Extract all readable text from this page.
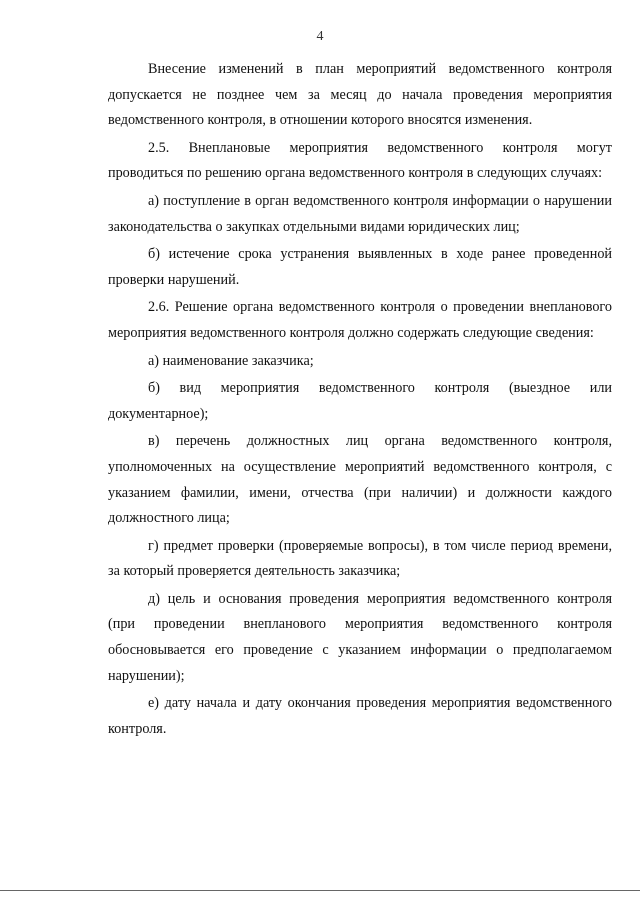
4

Внесение изменений в план мероприятий ведомственного контроля допускается не позднее чем за месяц до начала проведения мероприятия ведомственного контроля, в отношении которого вносятся изменения.

2.5. Внеплановые мероприятия ведомственного контроля могут проводиться по решению органа ведомственного контроля в следующих случаях:

а) поступление в орган ведомственного контроля информации о нарушении законодательства о закупках отдельными видами юридических лиц;

б) истечение срока устранения выявленных в ходе ранее проведенной проверки нарушений.

2.6. Решение органа ведомственного контроля о проведении внепланового мероприятия ведомственного контроля должно содержать следующие сведения:

а) наименование заказчика;

б) вид мероприятия ведомственного контроля (выездное или документарное);

в) перечень должностных лиц органа ведомственного контроля, уполномоченных на осуществление мероприятий ведомственного контроля, с указанием фамилии, имени, отчества (при наличии) и должности каждого должностного лица;

г) предмет проверки (проверяемые вопросы), в том числе период времени, за который проверяется деятельность заказчика;

д) цель и основания проведения мероприятия ведомственного контроля (при проведении внепланового мероприятия ведомственного контроля обосновывается его проведение с указанием информации о предполагаемом нарушении);

е) дату начала и дату окончания проведения мероприятия ведомственного контроля.
